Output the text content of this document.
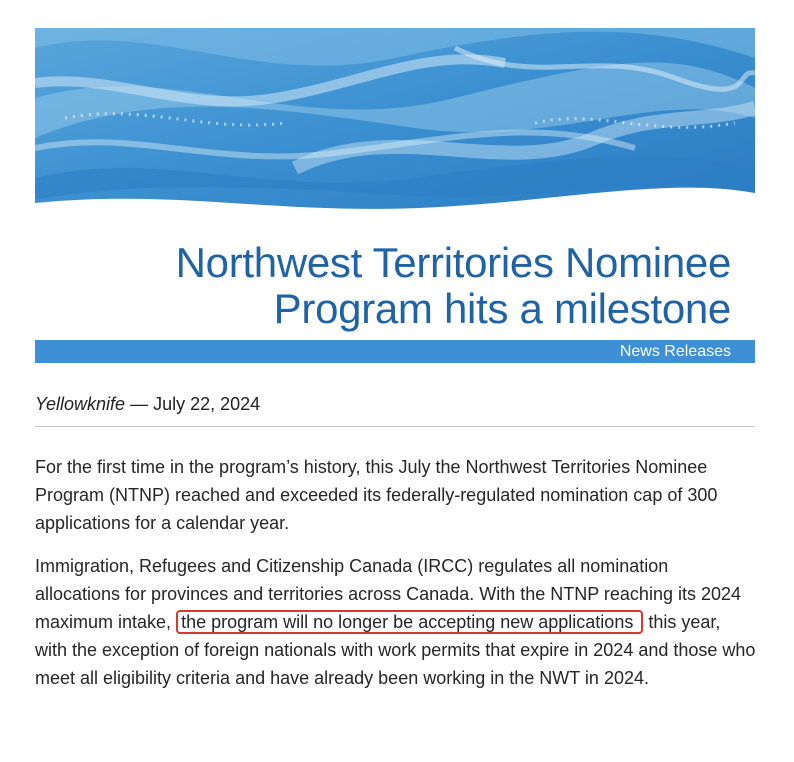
Northwest Territories Nominee
Program hits a milestone
News Releases
Yellowknife — July 22, 2024

For the first time in the program’s history, this July the Northwest Territories Nominee Program (NTNP) reached and exceeded its federally-regulated nomination cap of 300 applications for a calendar year.

Immigration, Refugees and Citizenship Canada (IRCC) regulates all nomination allocations for provinces and territories across Canada. With the NTNP reaching its 2024 maximum intake, the program will no longer be accepting new applications this year, with the exception of foreign nationals with work permits that expire in 2024 and those who meet all eligibility criteria and have already been working in the NWT in 2024.
